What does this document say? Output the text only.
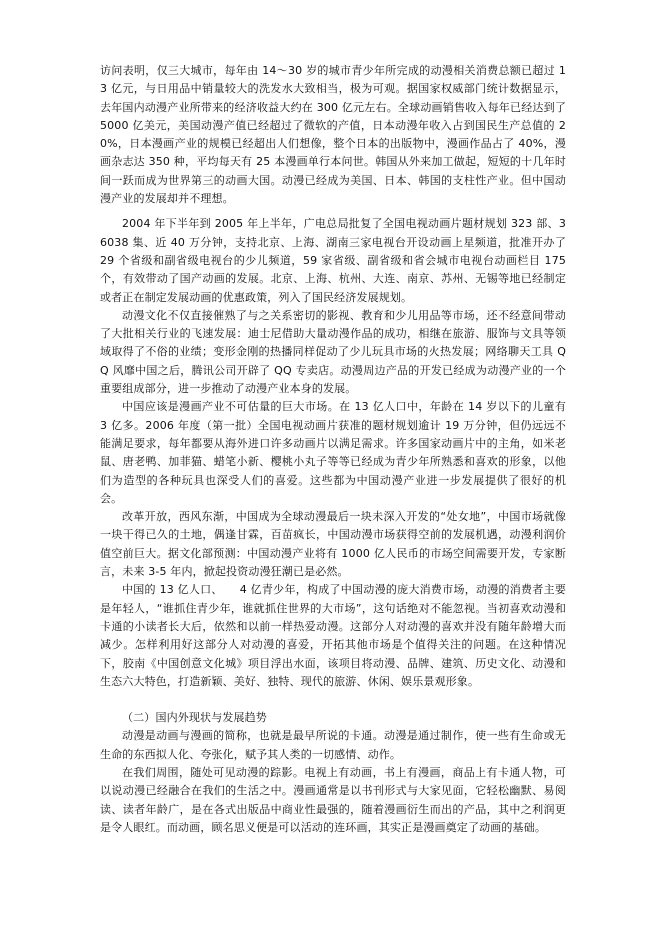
访问表明，仅三大城市，每年由 14～30 岁的城市青少年所完成的动漫相关消费总额已超过 13 亿元，与日用品中销量较大的洗发水大致相当，极为可观。据国家权威部门统计数据显示，去年国内动漫产业所带来的经济收益大约在 300 亿元左右。全球动画销售收入每年已经达到了 5000 亿美元，美国动漫产值已经超过了微软的产值，日本动漫年收入占到国民生产总值的 20%，日本漫画产业的规模已经超出人们想像，整个日本的出版物中，漫画作品占了 40%，漫画杂志达 350 种，平均每天有 25 本漫画单行本问世。韩国从外来加工做起，短短的十几年时间一跃而成为世界第三的动画大国。动漫已经成为美国、日本、韩国的支柱性产业。但中国动漫产业的发展却并不理想。

2004 年下半年到 2005 年上半年，广电总局批复了全国电视动画片题材规划 323 部、36038 集、近 40 万分钟，支持北京、上海、湖南三家电视台开设动画上星频道，批准开办了 29 个省级和副省级电视台的少儿频道，59 家省级、副省级和省会城市电视台动画栏目 175 个，有效带动了国产动画的发展。北京、上海、杭州、大连、南京、苏州、无锡等地已经制定或者正在制定发展动画的优惠政策，列入了国民经济发展规划。

动漫文化不仅直接催熟了与之关系密切的影视、教育和少儿用品等市场，还不经意间带动了大批相关行业的飞速发展：迪士尼借助大量动漫作品的成功，相继在旅游、服饰与文具等领域取得了不俗的业绩；变形金刚的热播同样促动了少儿玩具市场的火热发展；网络聊天工具 QQ 风靡中国之后，腾讯公司开辟了 QQ 专卖店。动漫周边产品的开发已经成为动漫产业的一个重要组成部分，进一步推动了动漫产业本身的发展。

中国应该是漫画产业不可估量的巨大市场。在 13 亿人口中，年龄在 14 岁以下的儿童有 3 亿多。2006 年度（第一批）全国电视动画片获准的题材规划逾计 19 万分钟，但仍远远不能满足要求，每年都要从海外进口许多动画片以满足需求。许多国家动画片中的主角，如米老鼠、唐老鸭、加菲猫、蜡笔小新、樱桃小丸子等等已经成为青少年所熟悉和喜欢的形象，以他们为造型的各种玩具也深受人们的喜爱。这些都为中国动漫产业进一步发展提供了很好的机会。

改革开放，西风东渐，中国成为全球动漫最后一块未深入开发的“处女地”，中国市场就像一块干得已久的土地，偶逢甘霖，百苗疯长，中国动漫市场获得空前的发展机遇，动漫利润价值空前巨大。据文化部预测：中国动漫产业将有 1000 亿人民币的市场空间需要开发，专家断言，未来 3-5 年内，掀起投资动漫狂潮已是必然。

中国的 13 亿人口、　　4 亿青少年，构成了中国动漫的庞大消费市场，动漫的消费者主要是年轻人，“谁抓住青少年，谁就抓住世界的大市场”，这句话绝对不能忽视。当初喜欢动漫和卡通的小读者长大后，依然和以前一样热爱动漫。这部分人对动漫的喜欢并没有随年龄增大而减少。怎样利用好这部分人对动漫的喜爱，开拓其他市场是个值得关注的问题。在这种情况下，胶南《中国创意文化城》项目浮出水面，该项目将动漫、品牌、建筑、历史文化、动漫和生态六大特色，打造新颖、美好、独特、现代的旅游、休闲、娱乐景观形象。

（二）国内外现状与发展趋势

动漫是动画与漫画的简称，也就是最早所说的卡通。动漫是通过制作，使一些有生命或无生命的东西拟人化、夸张化，赋予其人类的一切感情、动作。

在我们周围，随处可见动漫的踪影。电视上有动画，书上有漫画，商品上有卡通人物，可以说动漫已经融合在我们的生活之中。漫画通常是以书刊形式与大家见面，它轻松幽默、易阅读、读者年龄广，是在各式出版品中商业性最强的，随着漫画衍生而出的产品，其中之利润更是令人眼红。而动画，顾名思义便是可以活动的连环画，其实正是漫画奠定了动画的基础。
